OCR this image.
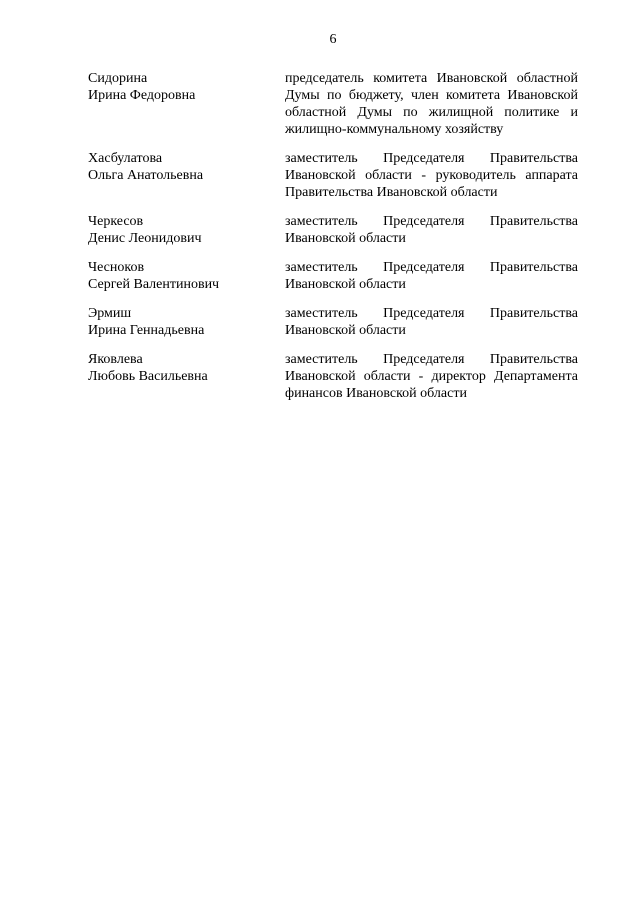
6
Сидорина
Ирина Федоровна
председатель комитета Ивановской областной Думы по бюджету, член комитета Ивановской областной Думы по жилищной политике и жилищно-коммунальному хозяйству
Хасбулатова
Ольга Анатольевна
заместитель Председателя Правительства Ивановской области - руководитель аппарата Правительства Ивановской области
Черкесов
Денис Леонидович
заместитель Председателя Правительства Ивановской области
Чесноков
Сергей Валентинович
заместитель Председателя Правительства Ивановской области
Эрмиш
Ирина Геннадьевна
заместитель Председателя Правительства Ивановской области
Яковлева
Любовь Васильевна
заместитель Председателя Правительства Ивановской области - директор Департамента финансов Ивановской области
